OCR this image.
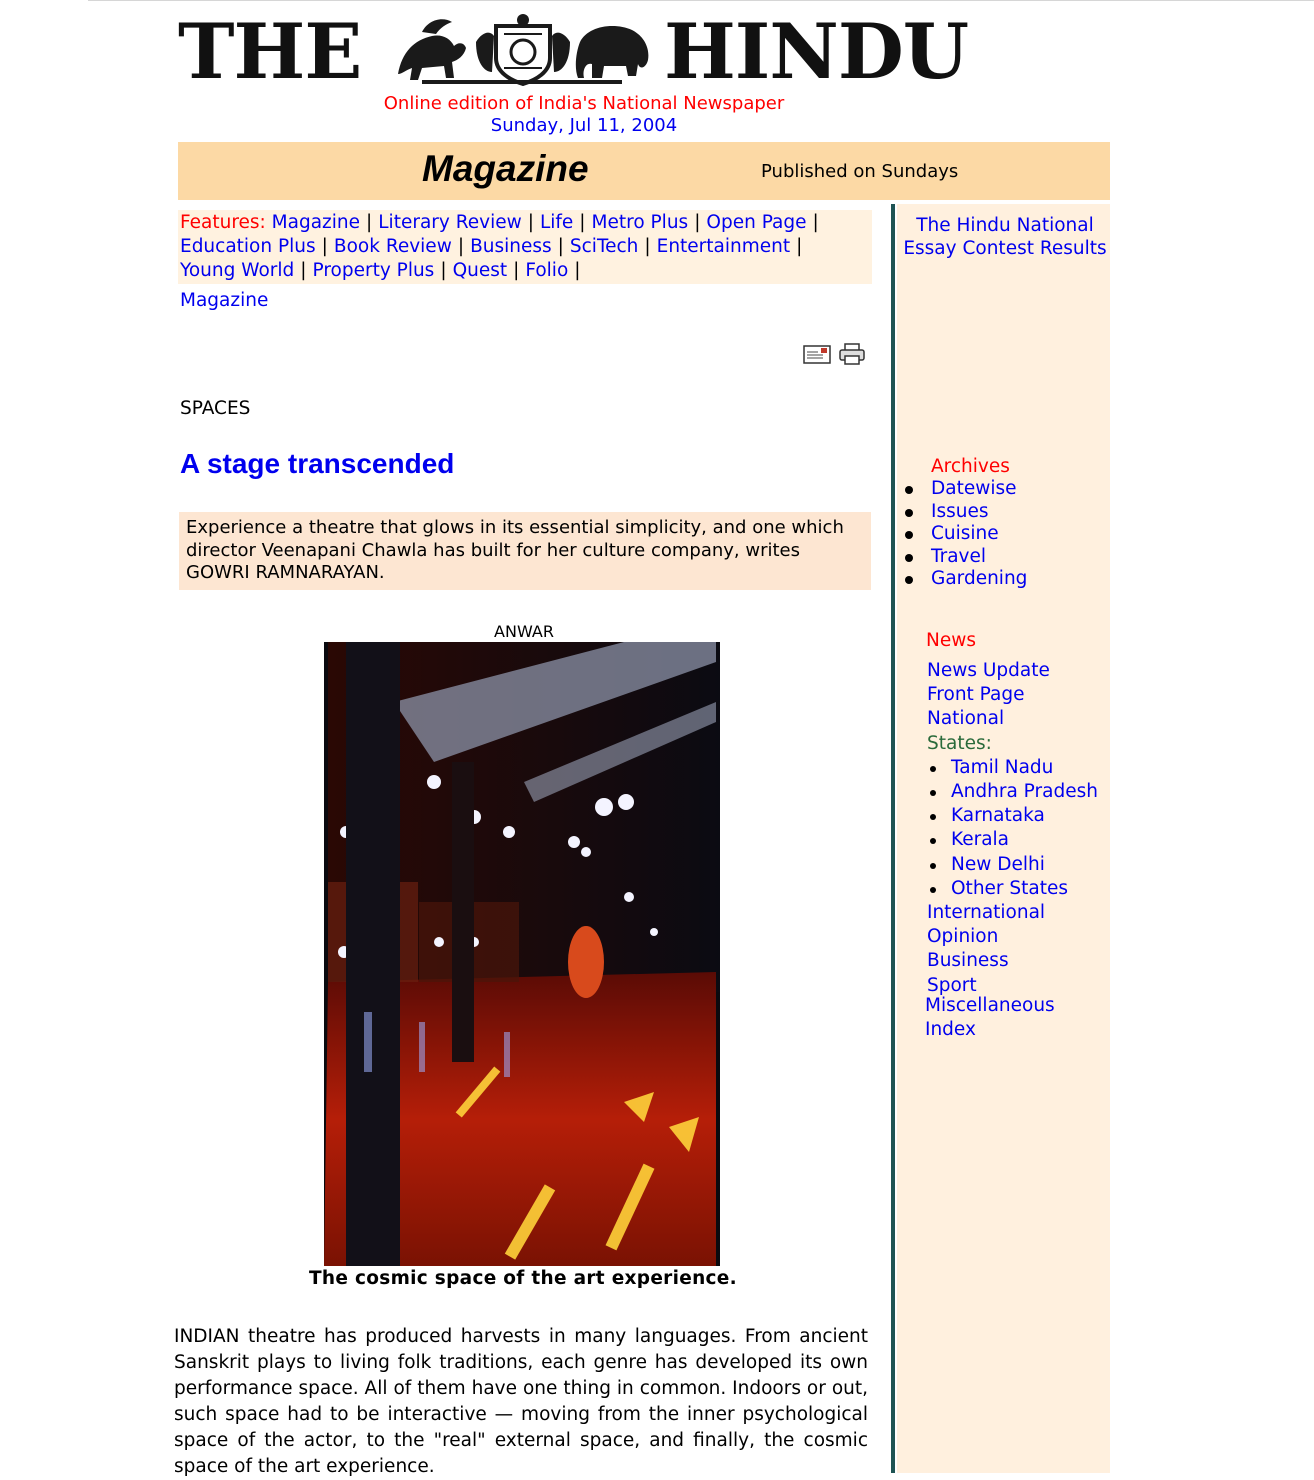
THE	HINDU
Online edition of India's National Newspaper
Sunday, Jul 11, 2004
Magazine	Published on Sundays
Features: Magazine | Literary Review | Life | Metro Plus | Open Page |
Education Plus | Book Review | Business | SciTech | Entertainment |
Young World | Property Plus | Quest | Folio |
Magazine
SPACES
A stage transcended
Experience a theatre that glows in its essential simplicity, and one which director Veenapani Chawla has built for her culture company, writes GOWRI RAMNARAYAN.
ANWAR
The cosmic space of the art experience.
INDIAN theatre has produced harvests in many languages. From ancient Sanskrit plays to living folk traditions, each genre has developed its own performance space. All of them have one thing in common. Indoors or out, such space had to be interactive — moving from the inner psychological space of the actor, to the "real" external space, and finally, the cosmic space of the art experience.
The Hindu National Essay Contest Results
Archives
Datewise
Issues
Cuisine
Travel
Gardening
News
News Update
Front Page
National
States:
Tamil Nadu
Andhra Pradesh
Karnataka
Kerala
New Delhi
Other States
International
Opinion
Business
Sport
Miscellaneous
Index
